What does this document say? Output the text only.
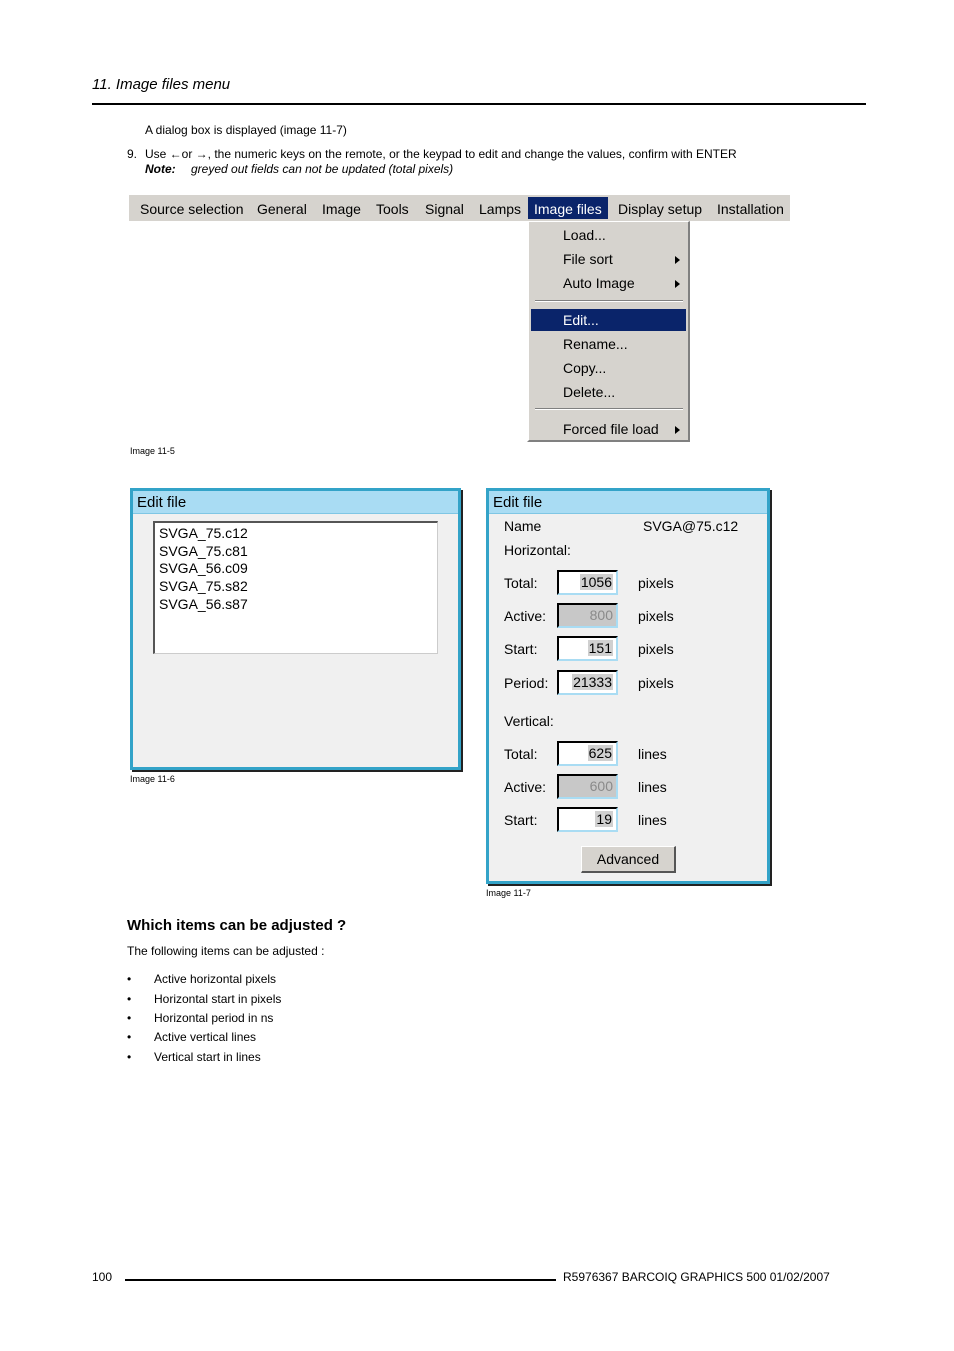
11. Image files menu
A dialog box is displayed (image 11-7)
9. Use ←or →, the numeric keys on the remote, or the keypad to edit and change the values, confirm with ENTER
Note: greyed out fields can not be updated (total pixels)
Source selection General Image Tools Signal Lamps Image files	Display setup Installation
Load...
File sort
Auto Image
Edit...
Rename...
Copy...
Delete...
Forced file load
Image 11-5
Edit file
SVGA_75.c12
SVGA_75.c81
SVGA_56.c09
SVGA_75.s82
SVGA_56.s87
Image 11-6
Edit file
Name	SVGA@75.c12
Horizontal:
Total:	1056	pixels
Active:	800	pixels
Start:	151	pixels
Period:	21333	pixels
Vertical:
Total:	625	lines
Active:	600	lines
Start:	19	lines
Advanced
Image 11-7
Which items can be adjusted ?
The following items can be adjusted :
• Active horizontal pixels
• Horizontal start in pixels
• Horizontal period in ns
• Active vertical lines
• Vertical start in lines
100	R5976367 BARCOIQ GRAPHICS 500 01/02/2007
